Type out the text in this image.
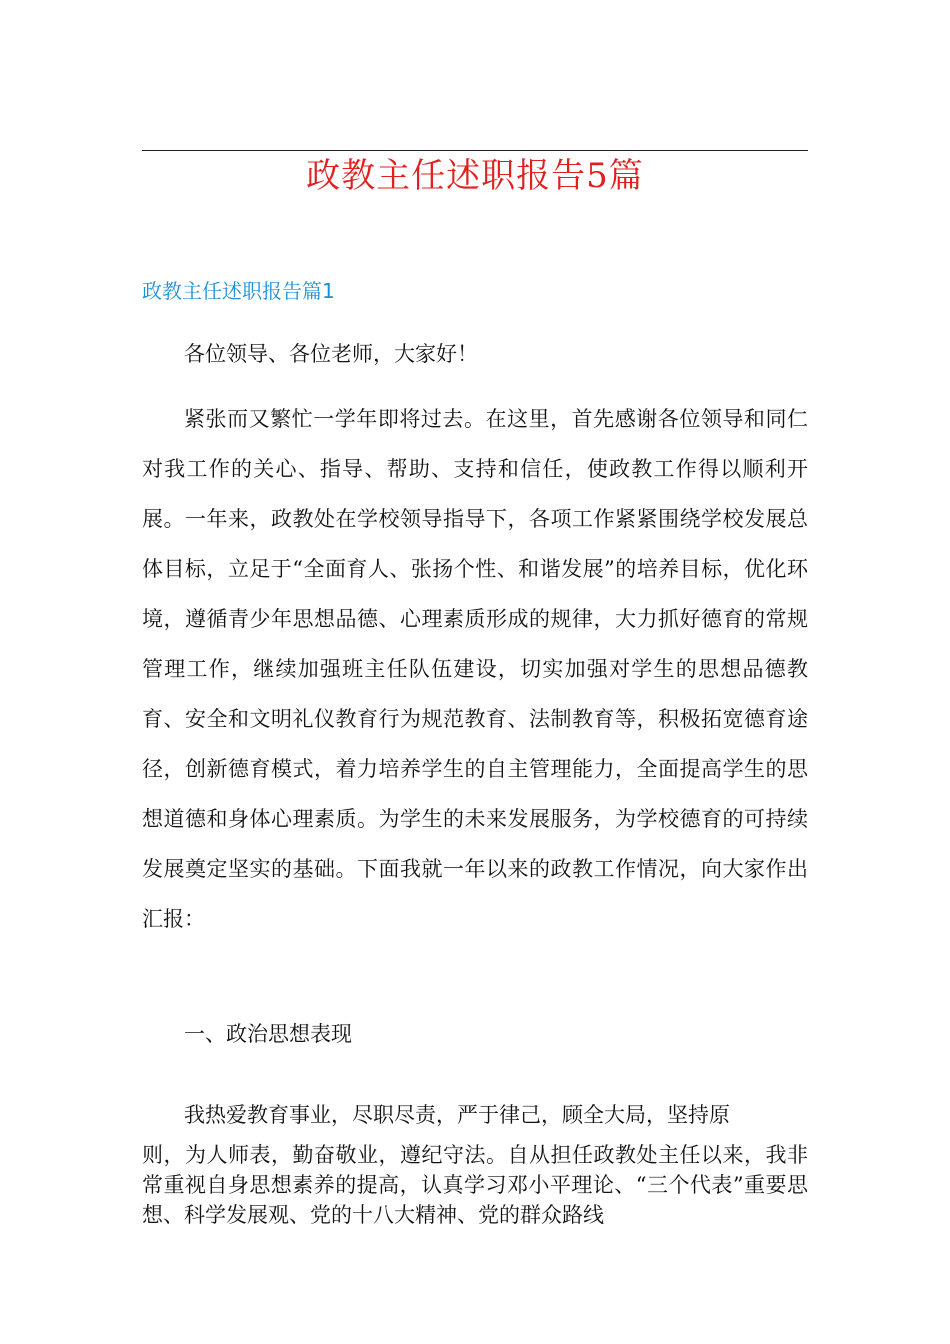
政教主任述职报告5篇
政教主任述职报告篇1

各位领导、各位老师，大家好！

紧张而又繁忙一学年即将过去。在这里，首先感谢各位领导和同仁对我工作的关心、指导、帮助、支持和信任，使政教工作得以顺利开展。一年来，政教处在学校领导指导下，各项工作紧紧围绕学校发展总体目标，立足于“全面育人、张扬个性、和谐发展”的培养目标，优化环境，遵循青少年思想品德、心理素质形成的规律，大力抓好德育的常规管理工作，继续加强班主任队伍建设，切实加强对学生的思想品德教育、安全和文明礼仪教育行为规范教育、法制教育等，积极拓宽德育途径，创新德育模式，着力培养学生的自主管理能力，全面提高学生的思想道德和身体心理素质。为学生的未来发展服务，为学校德育的可持续发展奠定坚实的基础。下面我就一年以来的政教工作情况，向大家作出汇报：

一、政治思想表现

我热爱教育事业，尽职尽责，严于律己，顾全大局，坚持原
则，为人师表，勤奋敬业，遵纪守法。自从担任政教处主任以来，我非常重视自身思想素养的提高，认真学习邓小平理论、“三个代表”重要思想、科学发展观、党的十八大精神、党的群众路线
